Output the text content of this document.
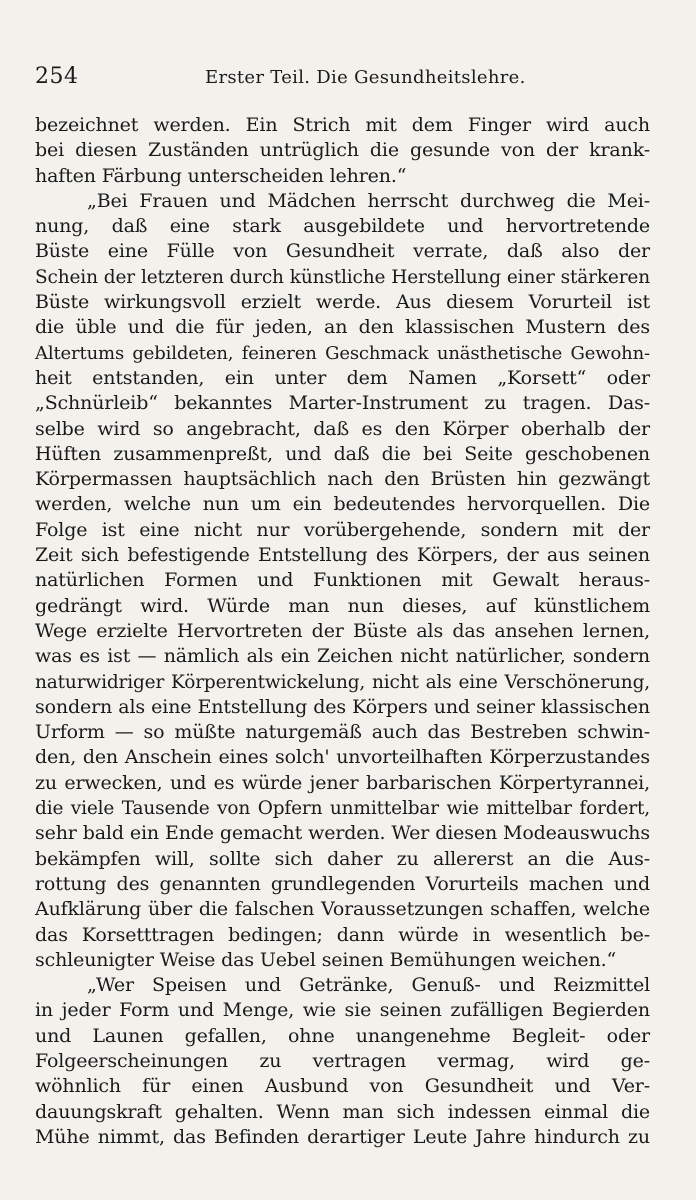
254	Erster Teil. Die Gesundheitslehre.
bezeichnet werden. Ein Strich mit dem Finger wird auch
bei diesen Zuständen untrüglich die gesunde von der krank-
haften Färbung unterscheiden lehren.“
„Bei Frauen und Mädchen herrscht durchweg die Mei-
nung, daß eine stark ausgebildete und hervortretende
Büste eine Fülle von Gesundheit verrate, daß also der
Schein der letzteren durch künstliche Herstellung einer stärkeren
Büste wirkungsvoll erzielt werde. Aus diesem Vorurteil ist
die üble und die für jeden, an den klassischen Mustern des
Altertums gebildeten, feineren Geschmack unästhetische Gewohn-
heit entstanden, ein unter dem Namen „Korsett“ oder
„Schnürleib“ bekanntes Marter-Instrument zu tragen. Das-
selbe wird so angebracht, daß es den Körper oberhalb der
Hüften zusammenpreßt, und daß die bei Seite geschobenen
Körpermassen hauptsächlich nach den Brüsten hin gezwängt
werden, welche nun um ein bedeutendes hervorquellen. Die
Folge ist eine nicht nur vorübergehende, sondern mit der
Zeit sich befestigende Entstellung des Körpers, der aus seinen
natürlichen Formen und Funktionen mit Gewalt heraus-
gedrängt wird. Würde man nun dieses, auf künstlichem
Wege erzielte Hervortreten der Büste als das ansehen lernen,
was es ist — nämlich als ein Zeichen nicht natürlicher, sondern
naturwidriger Körperentwickelung, nicht als eine Verschönerung,
sondern als eine Entstellung des Körpers und seiner klassischen
Urform — so müßte naturgemäß auch das Bestreben schwin-
den, den Anschein eines solch' unvorteilhaften Körperzustandes
zu erwecken, und es würde jener barbarischen Körpertyrannei,
die viele Tausende von Opfern unmittelbar wie mittelbar fordert,
sehr bald ein Ende gemacht werden. Wer diesen Modeauswuchs
bekämpfen will, sollte sich daher zu allererst an die Aus-
rottung des genannten grundlegenden Vorurteils machen und
Aufklärung über die falschen Voraussetzungen schaffen, welche
das Korsetttragen bedingen; dann würde in wesentlich be-
schleunigter Weise das Uebel seinen Bemühungen weichen.“
„Wer Speisen und Getränke, Genuß- und Reizmittel
in jeder Form und Menge, wie sie seinen zufälligen Begierden
und Launen gefallen, ohne unangenehme Begleit- oder
Folgeerscheinungen zu vertragen vermag, wird ge-
wöhnlich für einen Ausbund von Gesundheit und Ver-
dauungskraft gehalten. Wenn man sich indessen einmal die
Mühe nimmt, das Befinden derartiger Leute Jahre hindurch zu
